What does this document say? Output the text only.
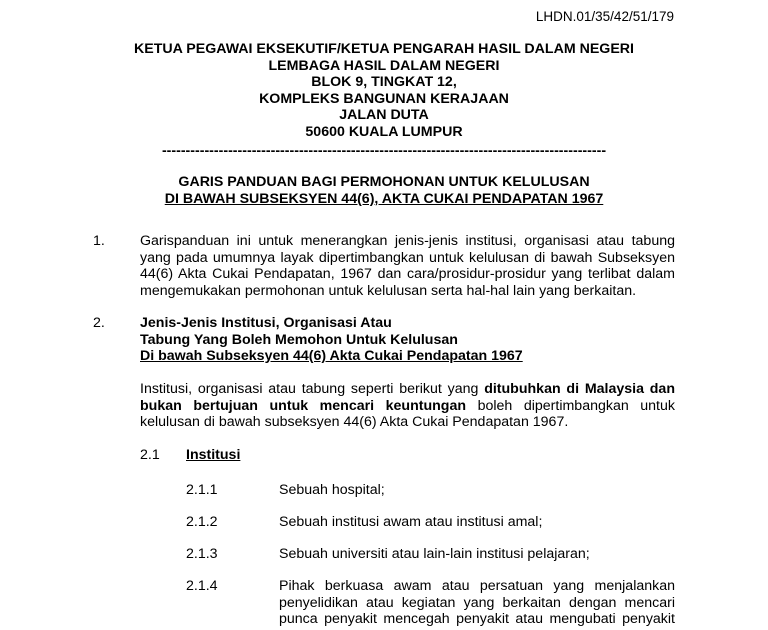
LHDN.01/35/42/51/179
KETUA PEGAWAI EKSEKUTIF/KETUA PENGARAH HASIL DALAM NEGERI
LEMBAGA HASIL DALAM NEGERI
BLOK 9, TINGKAT 12,
KOMPLEKS BANGUNAN KERAJAAN
JALAN DUTA
50600 KUALA LUMPUR
----------------------------------------------------------------------------------------------
GARIS PANDUAN BAGI PERMOHONAN UNTUK KELULUSAN
DI BAWAH SUBSEKSYEN 44(6), AKTA CUKAI PENDAPATAN 1967
1. Garispanduan ini untuk menerangkan jenis-jenis institusi, organisasi atau tabung
yang pada umumnya layak dipertimbangkan untuk kelulusan di bawah Subseksyen
44(6) Akta Cukai Pendapatan, 1967 dan cara/prosidur-prosidur yang terlibat dalam
mengemukakan permohonan untuk kelulusan serta hal-hal lain yang berkaitan.
2. Jenis-Jenis Institusi, Organisasi Atau
Tabung Yang Boleh Memohon Untuk Kelulusan
Di bawah Subseksyen 44(6) Akta Cukai Pendapatan 1967
Institusi, organisasi atau tabung seperti berikut yang ditubuhkan di Malaysia dan
bukan bertujuan untuk mencari keuntungan boleh dipertimbangkan untuk
kelulusan di bawah subseksyen 44(6) Akta Cukai Pendapatan 1967.
2.1 Institusi
2.1.1	Sebuah hospital;
2.1.2	Sebuah institusi awam atau institusi amal;
2.1.3	Sebuah universiti atau lain-lain institusi pelajaran;
2.1.4	Pihak berkuasa awam atau persatuan yang menjalankan
penyelidikan atau kegiatan yang berkaitan dengan mencari
punca penyakit mencegah penyakit atau mengubati penyakit
